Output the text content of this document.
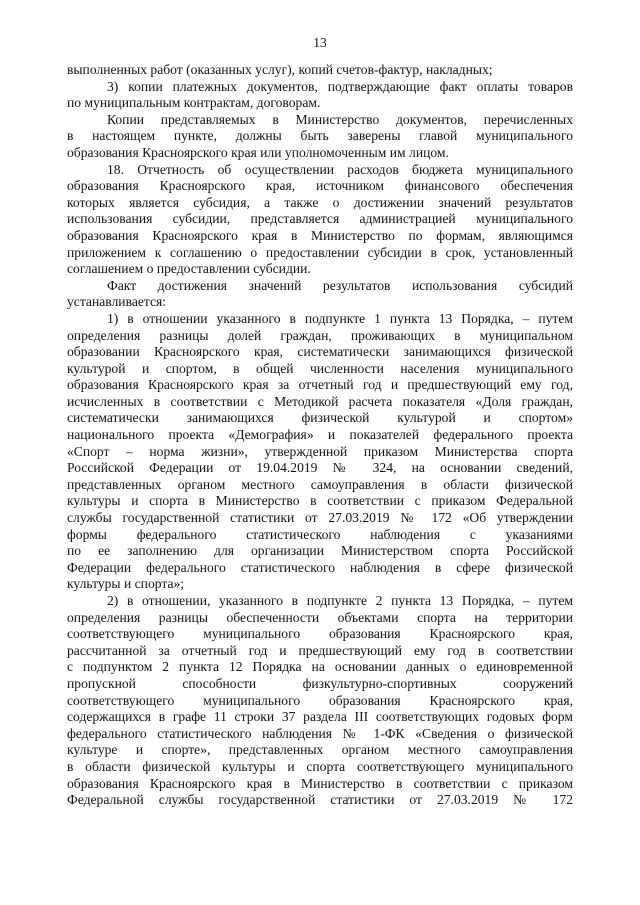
13

выполненных работ (оказанных услуг), копий счетов-фактур, накладных;

3) копии платежных документов, подтверждающие факт оплаты товаров

по муниципальным контрактам, договорам.

Копии представляемых в Министерство документов, перечисленных

в настоящем пункте, должны быть заверены главой муниципального

образования Красноярского края или уполномоченным им лицом.

18. Отчетность об осуществлении расходов бюджета муниципального

образования Красноярского края, источником финансового обеспечения

которых является субсидия, а также о достижении значений результатов

использования субсидии, представляется администрацией муниципального

образования Красноярского края в Министерство по формам, являющимся

приложением к соглашению о предоставлении субсидии в срок, установленный

соглашением о предоставлении субсидии.

Факт достижения значений результатов использования субсидий

устанавливается:

1) в отношении указанного в подпункте 1 пункта 13 Порядка, – путем

определения разницы долей граждан, проживающих в муниципальном

образовании Красноярского края, систематически занимающихся физической

культурой и спортом, в общей численности населения муниципального

образования Красноярского края за отчетный год и предшествующий ему год,

исчисленных в соответствии с Методикой расчета показателя «Доля граждан,

систематически занимающихся физической культурой и спортом»

национального проекта «Демография» и показателей федерального проекта

«Спорт – норма жизни», утвержденной приказом Министерства спорта

Российской Федерации от 19.04.2019 № 324, на основании сведений,

представленных органом местного самоуправления в области физической

культуры и спорта в Министерство в соответствии с приказом Федеральной

службы государственной статистики от 27.03.2019 № 172 «Об утверждении

формы федерального статистического наблюдения с указаниями

по ее заполнению для организации Министерством спорта Российской

Федерации федерального статистического наблюдения в сфере физической

культуры и спорта»;

2) в отношении, указанного в подпункте 2 пункта 13 Порядка, – путем

определения разницы обеспеченности объектами спорта на территории

соответствующего муниципального образования Красноярского края,

рассчитанной за отчетный год и предшествующий ему год в соответствии

с подпунктом 2 пункта 12 Порядка на основании данных о единовременной

пропускной способности физкультурно-спортивных сооружений

соответствующего муниципального образования Красноярского края,

содержащихся в графе 11 строки 37 раздела III соответствующих годовых форм

федерального статистического наблюдения № 1-ФК «Сведения о физической

культуре и спорте», представленных органом местного самоуправления

в области физической культуры и спорта соответствующего муниципального

образования Красноярского края в Министерство в соответствии с приказом

Федеральной службы государственной статистики от 27.03.2019 № 172
